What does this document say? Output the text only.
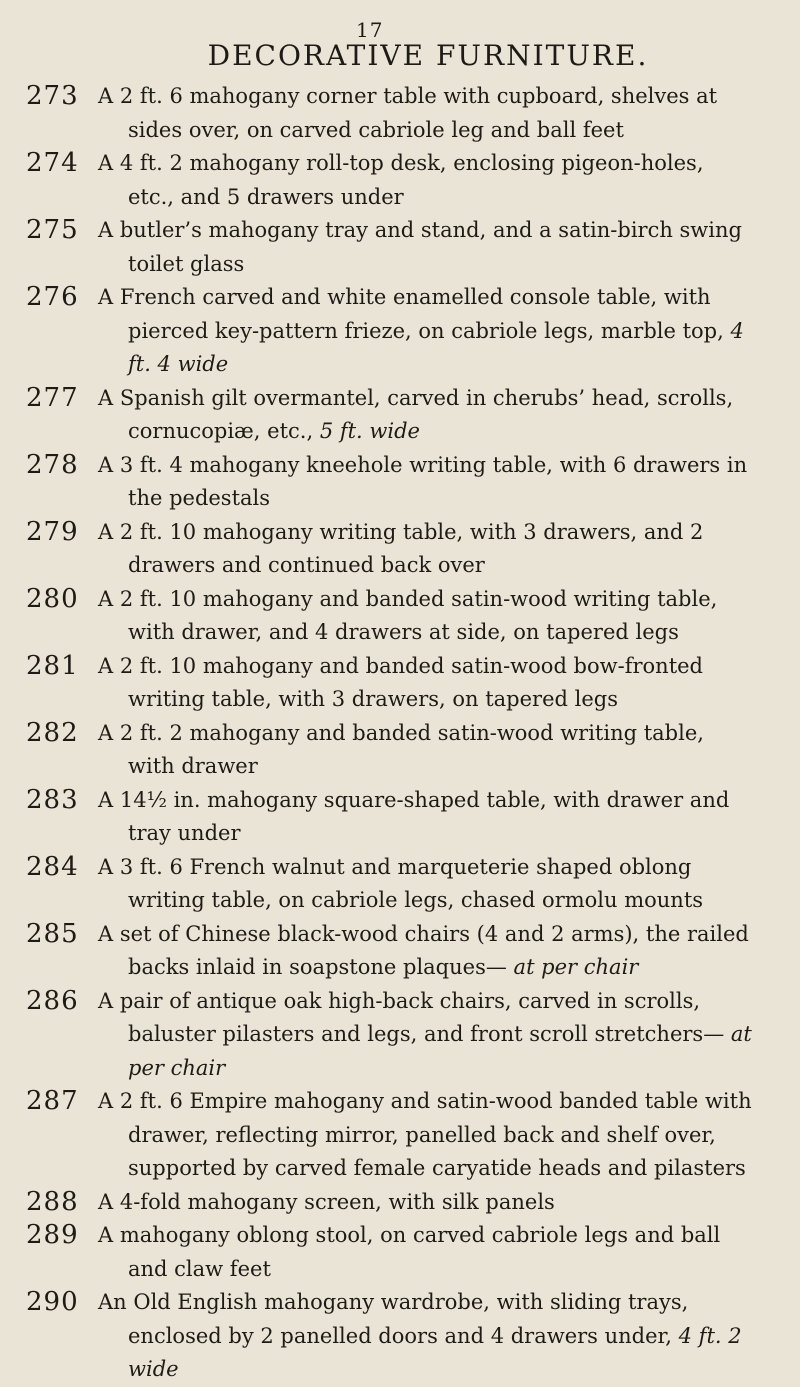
17
DECORATIVE FURNITURE.
273 A 2 ft. 6 mahogany corner table with cupboard, shelves at sides over, on carved cabriole leg and ball feet
274 A 4 ft. 2 mahogany roll-top desk, enclosing pigeon-holes, etc., and 5 drawers under
275 A butler’s mahogany tray and stand, and a satin-birch swing toilet glass
276 A French carved and white enamelled console table, with pierced key-pattern frieze, on cabriole legs, marble top, 4 ft. 4 wide
277 A Spanish gilt overmantel, carved in cherubs’ head, scrolls, cornucopiæ, etc., 5 ft. wide
278 A 3 ft. 4 mahogany kneehole writing table, with 6 drawers in the pedestals
279 A 2 ft. 10 mahogany writing table, with 3 drawers, and 2 drawers and continued back over
280 A 2 ft. 10 mahogany and banded satin-wood writing table, with drawer, and 4 drawers at side, on tapered legs
281 A 2 ft. 10 mahogany and banded satin-wood bow-fronted writing table, with 3 drawers, on tapered legs
282 A 2 ft. 2 mahogany and banded satin-wood writing table, with drawer
283 A 14½ in. mahogany square-shaped table, with drawer and tray under
284 A 3 ft. 6 French walnut and marqueterie shaped oblong writing table, on cabriole legs, chased ormolu mounts
285 A set of Chinese black-wood chairs (4 and 2 arms), the railed backs inlaid in soapstone plaques— at per chair
286 A pair of antique oak high-back chairs, carved in scrolls, baluster pilasters and legs, and front scroll stretchers— at per chair
287 A 2 ft. 6 Empire mahogany and satin-wood banded table with drawer, reflecting mirror, panelled back and shelf over, supported by carved female caryatide heads and pilasters
288 A 4-fold mahogany screen, with silk panels
289 A mahogany oblong stool, on carved cabriole legs and ball and claw feet
290 An Old English mahogany wardrobe, with sliding trays, enclosed by 2 panelled doors and 4 drawers under, 4 ft. 2 wide
